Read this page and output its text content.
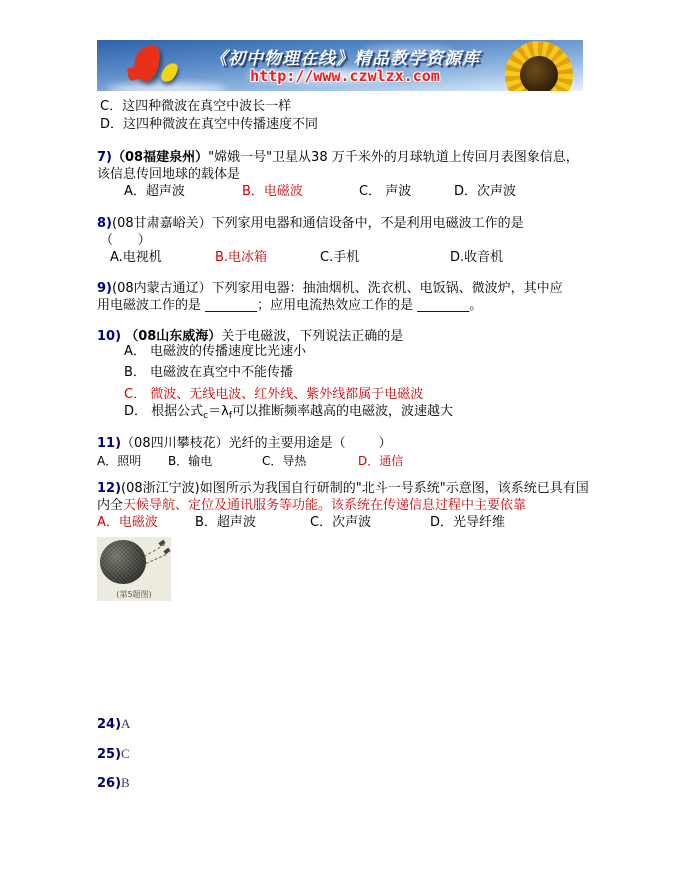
《初中物理在线》精品教学资源库
http://www.czwlzx.com
C．这四种微波在真空中波长一样
D．这四种微波在真空中传播速度不同
7)（08福建泉州）"嫦娥一号"卫星从38 万千米外的月球轨道上传回月表图象信息，
该信息传回地球的载体是
A．超声波	B．电磁波	C． 声波	D．次声波
8)(08甘肃嘉峪关）下列家用电器和通信设备中，不是利用电磁波工作的是
（      ）
A.电视机	B.电冰箱	C.手机	D.收音机
9)(08内蒙古通辽）下列家用电器：抽油烟机、洗衣机、电饭锅、微波炉，其中应
用电磁波工作的是 ________；应用电流热效应工作的是 ________。
10) （08山东威海）关于电磁波，下列说法正确的是
A． 电磁波的传播速度比光速小
B． 电磁波在真空中不能传播
C． 微波、无线电波、红外线、紫外线都属于电磁波
D． 根据公式$_c=\lambda_f$可以推断频率越高的电磁波，波速越大
11)（08四川攀枝花）光纤的主要用途是（        ）
A．照明	B．输电	C．导热	D．通信
12)(08浙江宁波)如图所示为我国自行研制的"北斗一号系统"示意图，该系统已具有国
内全天候导航、定位及通讯服务等功能。该系统在传递信息过程中主要依靠
A．电磁波	B．超声波	C．次声波	D．光导纤维
(第5题图)
24)A
25)C
26)B
